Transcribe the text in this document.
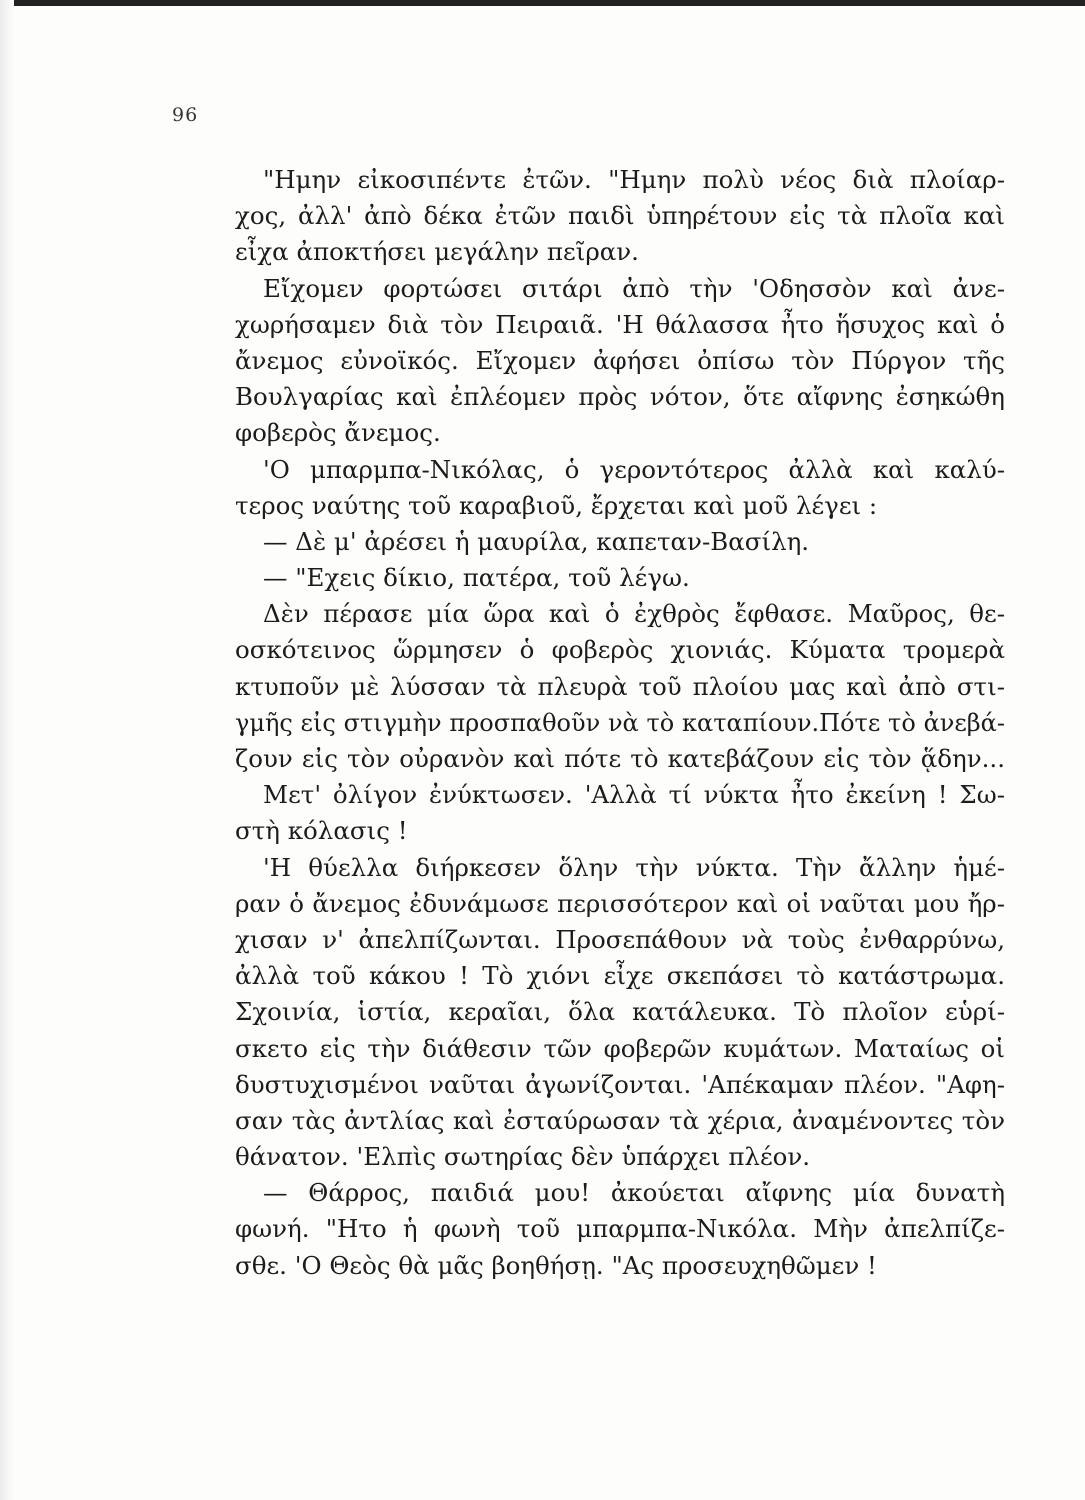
96
"Ημην εἰκοσιπέντε ἐτῶν. "Ημην πολὺ νέος διὰ πλοίαρ-
χος, ἀλλ' ἀπὸ δέκα ἐτῶν παιδὶ ὑπηρέτουν εἰς τὰ πλοῖα καὶ
εἶχα ἀποκτήσει μεγάλην πεῖραν.
Εἴχομεν φορτώσει σιτάρι ἀπὸ τὴν 'Οδησσὸν καὶ ἀνε-
χωρήσαμεν διὰ τὸν Πειραιᾶ. 'Η θάλασσα ἦτο ἥσυχος καὶ ὁ
ἄνεμος εὐνοϊκός. Εἴχομεν ἀφήσει ὀπίσω τὸν Πύργον τῆς
Βουλγαρίας καὶ ἐπλέομεν πρὸς νότον, ὅτε αἴφνης ἐσηκώθη
φοβερὸς ἄνεμος.
'Ο μπαρμπα-Νικόλας, ὁ γεροντότερος ἀλλὰ καὶ καλύ-
τερος ναύτης τοῦ καραβιοῦ, ἔρχεται καὶ μοῦ λέγει :
— Δὲ μ' ἀρέσει ἡ μαυρίλα, καπεταν-Βασίλη.
— "Εχεις δίκιο, πατέρα, τοῦ λέγω.
Δὲν πέρασε μία ὥρα καὶ ὁ ἐχθρὸς ἔφθασε. Μαῦρος, θε-
οσκότεινος ὥρμησεν ὁ φοβερὸς χιονιάς. Κύματα τρομερὰ
κτυποῦν μὲ λύσσαν τὰ πλευρὰ τοῦ πλοίου μας καὶ ἀπὸ στι-
γμῆς εἰς στιγμὴν προσπαθοῦν νὰ τὸ καταπίουν.Πότε τὸ ἀνεβά-
ζουν εἰς τὸν οὐρανὸν καὶ πότε τὸ κατεβάζουν εἰς τὸν ᾅδην...
Μετ' ὀλίγον ἐνύκτωσεν. 'Αλλὰ τί νύκτα ἦτο ἐκείνη ! Σω-
στὴ κόλασις !
'Η θύελλα διήρκεσεν ὅλην τὴν νύκτα. Τὴν ἄλλην ἡμέ-
ραν ὁ ἄνεμος ἐδυνάμωσε περισσότερον καὶ οἱ ναῦται μου ἤρ-
χισαν ν' ἀπελπίζωνται. Προσεπάθουν νὰ τοὺς ἐνθαρρύνω,
ἀλλὰ τοῦ κάκου ! Τὸ χιόνι εἶχε σκεπάσει τὸ κατάστρωμα.
Σχοινία, ἱστία, κεραῖαι, ὅλα κατάλευκα. Τὸ πλοῖον εὑρί-
σκετο εἰς τὴν διάθεσιν τῶν φοβερῶν κυμάτων. Ματαίως οἱ
δυστυχισμένοι ναῦται ἀγωνίζονται. 'Απέκαμαν πλέον. "Αφη-
σαν τὰς ἀντλίας καὶ ἐσταύρωσαν τὰ χέρια, ἀναμένοντες τὸν
θάνατον. 'Ελπὶς σωτηρίας δὲν ὑπάρχει πλέον.
— Θάρρος, παιδιά μου! ἀκούεται αἴφνης μία δυνατὴ
φωνή. "Ητο ἡ φωνὴ τοῦ μπαρμπα-Νικόλα. Μὴν ἀπελπίζε-
σθε. 'Ο Θεὸς θὰ μᾶς βοηθήσῃ. "Ας προσευχηθῶμεν !
